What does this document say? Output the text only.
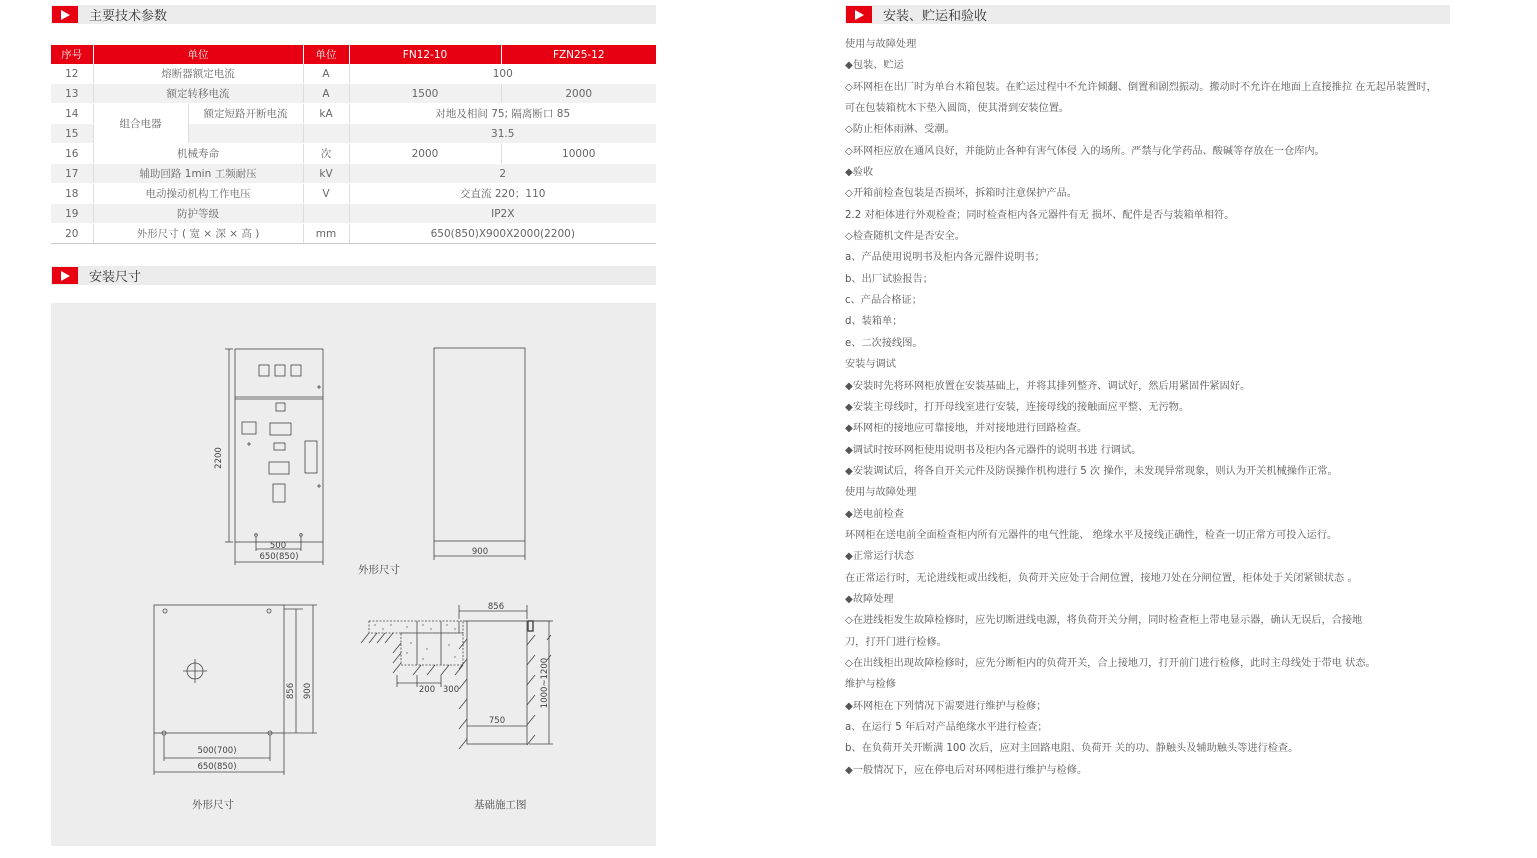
主要技术参数
序号	单位		单位	FN12-10	FZN25-12
12	熔断器额定电流		A	100	
13	额定转移电流		A	1500	2000
14	组合电器	额定短路开断电流	kA	对地及相间 75; 隔离断口 85	
15				31.5	
16	机械寿命		次	2000	10000
17	辅助回路 1min 工频耐压		kV	2	
18	电动操动机构工作电压		V	交直流 220；110	
19	防护等级			IP2X	
20	外形尺寸 ( 宽 × 深 × 高 )		mm	650(850)X900X2000(2200)	
安装尺寸
2200
500
650(850)	900
856 900
500(700)
650(850)
856
200 300
750
1000~1200
外形尺寸
外形尺寸	基础施工图
安装、贮运和验收
使用与故障处理
◆包装、贮运
◇环网柜在出厂时为单台木箱包装。在贮运过程中不允许倾翻、倒置和剧烈振动。搬动时不允许在地面上直接推拉 在无起吊装置时，
可在包装箱枕木下垫入圆筒，使其滑到安装位置。
◇防止柜体雨淋、受潮。
◇环网柜应放在通风良好，并能防止各种有害气体侵 入的场所。严禁与化学药品、酸碱等存放在一仓库内。
◆验收
◇开箱前检查包装是否损坏，拆箱时注意保护产品。
2.2 对柜体进行外观检查；同时检查柜内各元器件有无 损坏、配件是否与装箱单相符。
◇检查随机文件是否安全。
a、产品使用说明书及柜内各元器件说明书；
b、出厂试验报告；
c、产品合格证；
d、装箱单；
e、二次接线图。
安装与调试
◆安装时先将环网柜放置在安装基础上，并将其排列整齐、调试好，然后用紧固件紧固好。
◆安装主母线时，打开母线室进行安装，连接母线的接触面应平整、无污物。
◆环网柜的接地应可靠接地，并对接地进行回路检查。
◆调试时按环网柜使用说明书及柜内各元器件的说明书进 行调试。
◆安装调试后，将各自开关元件及防误操作机构进行 5 次 操作，未发现异常现象，则认为开关机械操作正常。
使用与故障处理
◆送电前检查
环网柜在送电前全面检查柜内所有元器件的电气性能、 绝缘水平及接线正确性，检查一切正常方可投入运行。
◆正常运行状态
在正常运行时，无论进线柜或出线柜，负荷开关应处于合闸位置，接地刀处在分闸位置，柜体处于关闭紧锁状态 。
◆故障处理
◇在进线柜发生故障检修时，应先切断进线电源，将负荷开关分闸，同时检查柜上带电显示器，确认无误后，合接地
刀，打开门进行检修。
◇在出线柜出现故障检修时，应先分断柜内的负荷开关，合上接地刀，打开前门进行检修，此时主母线处于带电 状态。
维护与检修
◆环网柜在下列情况下需要进行维护与检修；
a、在运行 5 年后对产品绝缘水平进行检查；
b、在负荷开关开断满 100 次后，应对主回路电阻、负荷开 关的功、静触头及辅助触头等进行检查。
◆一般情况下，应在停电后对环网柜进行维护与检修。
